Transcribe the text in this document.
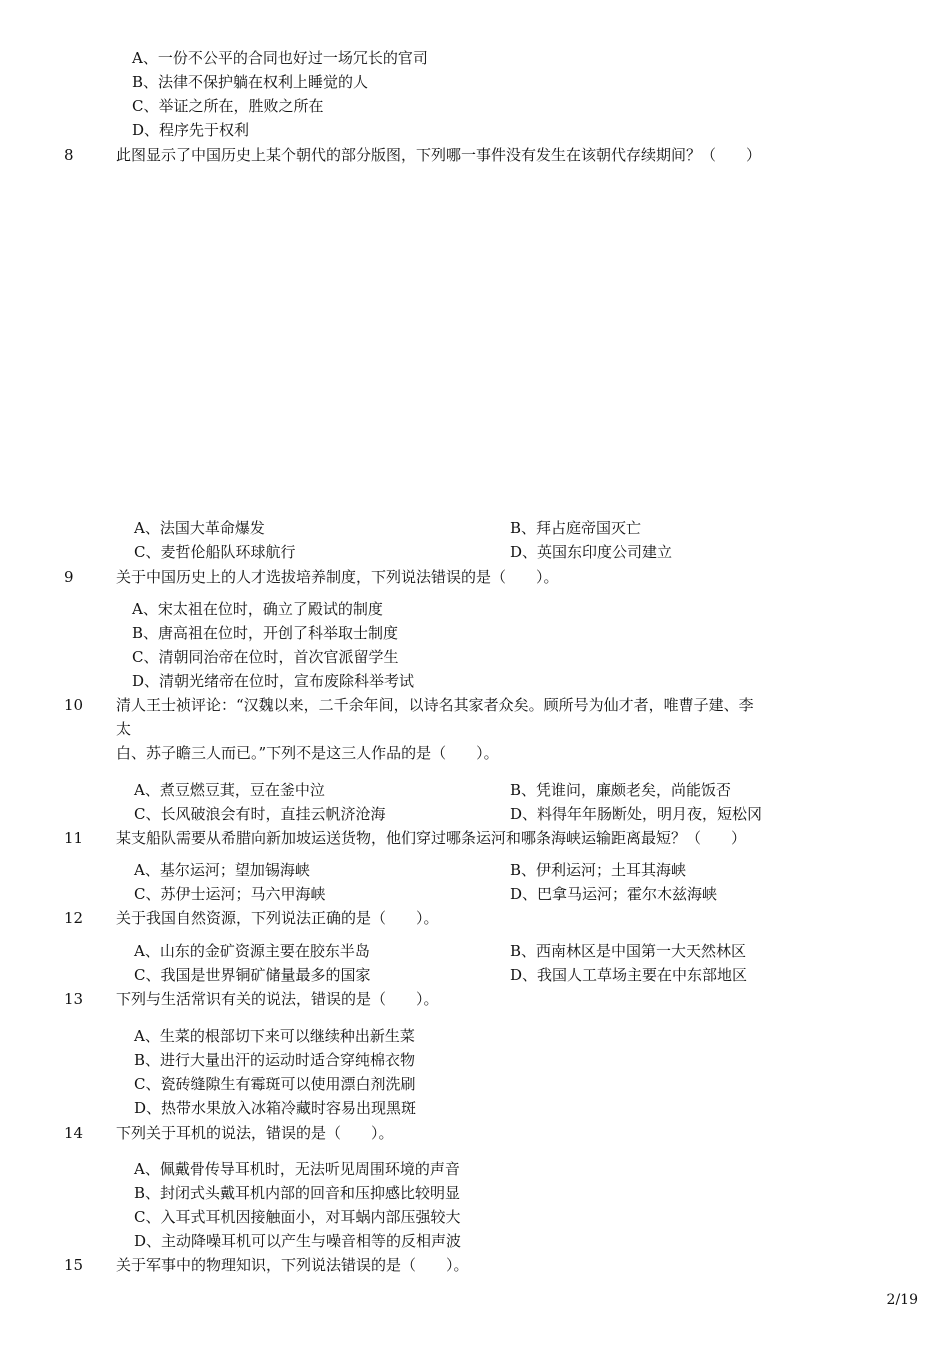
A、一份不公平的合同也好过一场冗长的官司
B、法律不保护躺在权利上睡觉的人
C、举证之所在，胜败之所在
D、程序先于权利
8	此图显示了中国历史上某个朝代的部分版图，下列哪一事件没有发生在该朝代存续期间？（　　）
A、法国大革命爆发	B、拜占庭帝国灭亡
C、麦哲伦船队环球航行	D、英国东印度公司建立
9	关于中国历史上的人才选拔培养制度，下列说法错误的是（　　）。
A、宋太祖在位时，确立了殿试的制度
B、唐高祖在位时，开创了科举取士制度
C、清朝同治帝在位时，首次官派留学生
D、清朝光绪帝在位时，宣布废除科举考试
10 清人王士祯评论：“汉魏以来，二千余年间，以诗名其家者众矣。顾所号为仙才者，唯曹子建、李
太
白、苏子瞻三人而已。”下列不是这三人作品的是（　　）。
A、煮豆燃豆萁，豆在釜中泣	B、凭谁问，廉颇老矣，尚能饭否
C、长风破浪会有时，直挂云帆济沧海	D、料得年年肠断处，明月夜，短松冈
11 某支船队需要从希腊向新加坡运送货物，他们穿过哪条运河和哪条海峡运输距离最短？（　　）
A、基尔运河；望加锡海峡	B、伊利运河；土耳其海峡
C、苏伊士运河；马六甲海峡	D、巴拿马运河；霍尔木兹海峡
12 关于我国自然资源，下列说法正确的是（　　）。
A、山东的金矿资源主要在胶东半岛	B、西南林区是中国第一大天然林区
C、我国是世界铜矿储量最多的国家	D、我国人工草场主要在中东部地区
13 下列与生活常识有关的说法，错误的是（　　）。
A、生菜的根部切下来可以继续种出新生菜
B、进行大量出汗的运动时适合穿纯棉衣物
C、瓷砖缝隙生有霉斑可以使用漂白剂洗刷
D、热带水果放入冰箱冷藏时容易出现黑斑
14 下列关于耳机的说法，错误的是（　　）。
A、佩戴骨传导耳机时，无法听见周围环境的声音
B、封闭式头戴耳机内部的回音和压抑感比较明显
C、入耳式耳机因接触面小，对耳蜗内部压强较大
D、主动降噪耳机可以产生与噪音相等的反相声波
15 关于军事中的物理知识，下列说法错误的是（　　）。
2/19
